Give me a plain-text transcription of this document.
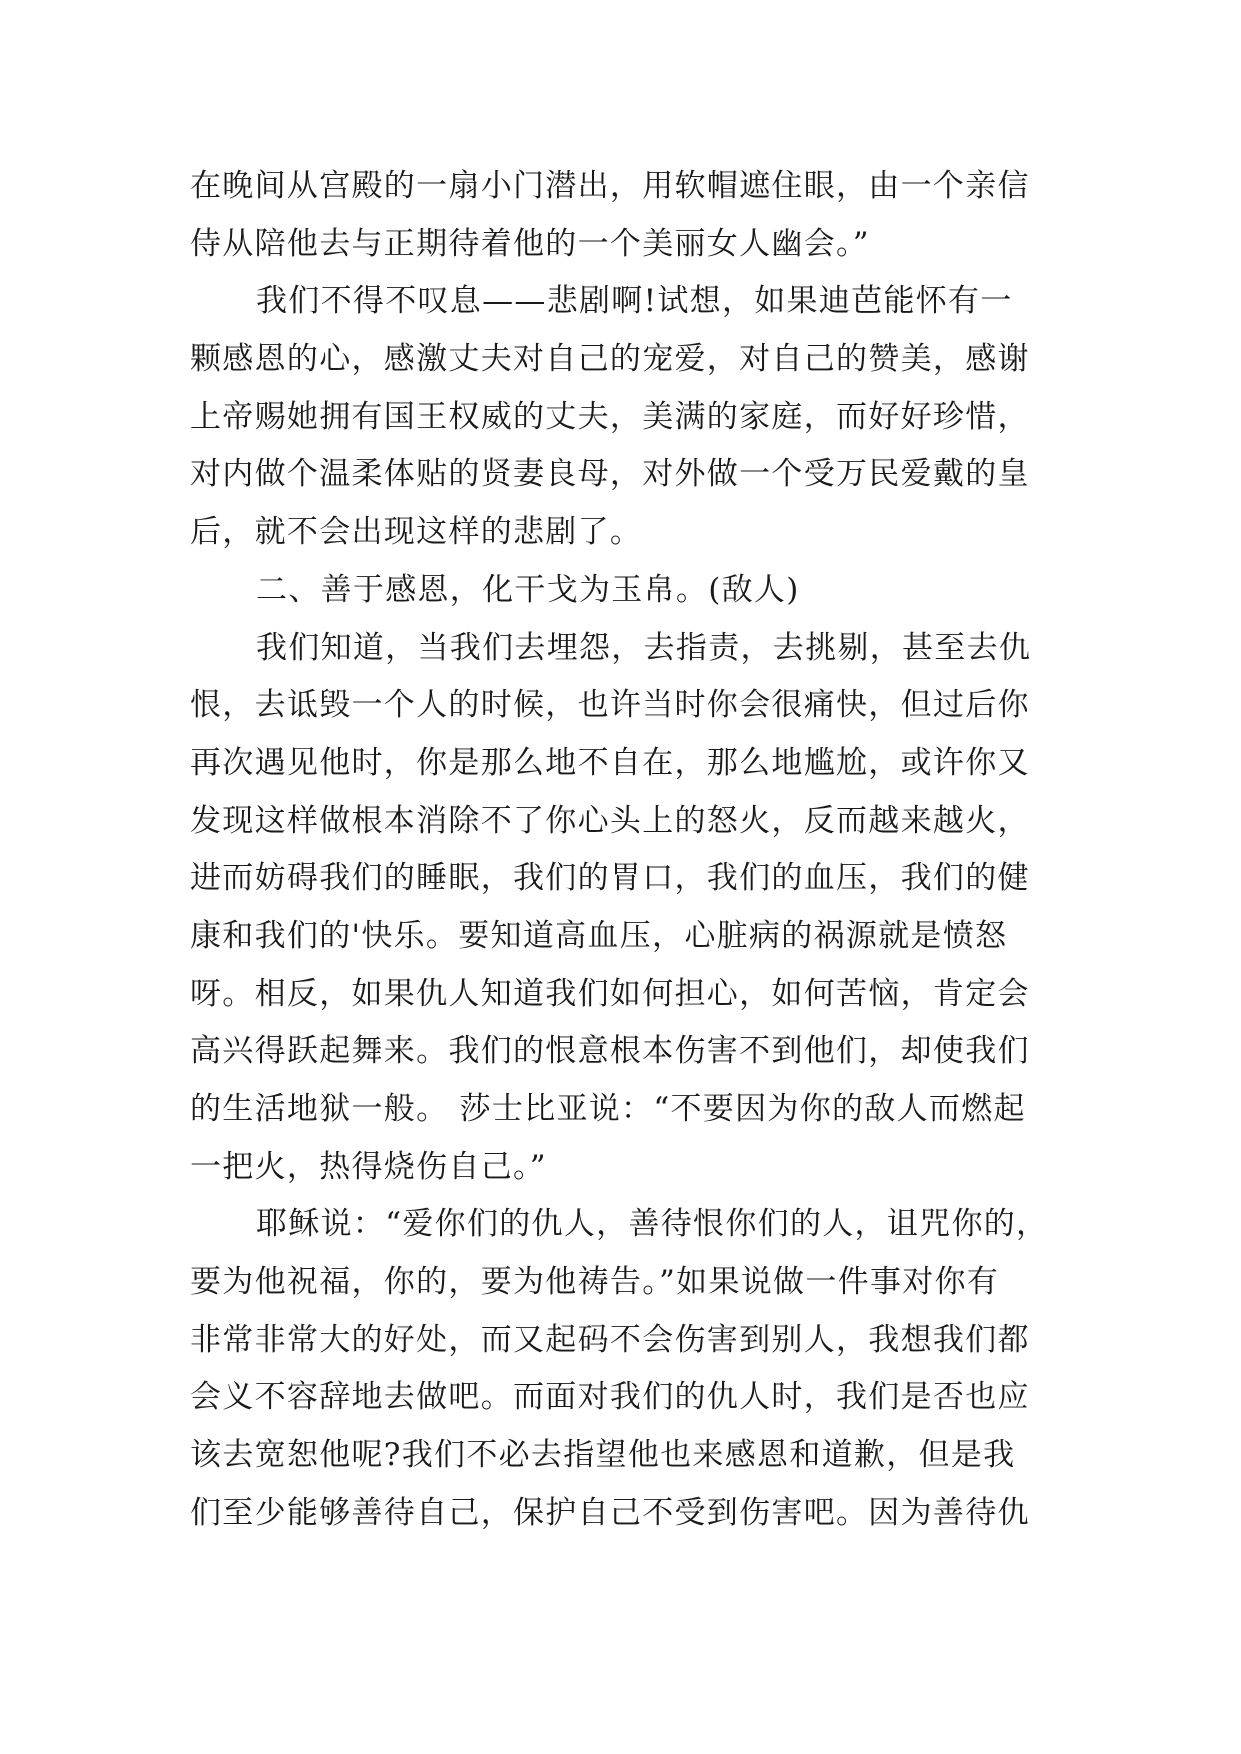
在晚间从宫殿的一扇小门潜出，用软帽遮住眼，由一个亲信
侍从陪他去与正期待着他的一个美丽女人幽会。”
我们不得不叹息——悲剧啊!试想，如果迪芭能怀有一
颗感恩的心，感激丈夫对自己的宠爱，对自己的赞美，感谢
上帝赐她拥有国王权威的丈夫，美满的家庭，而好好珍惜，
对内做个温柔体贴的贤妻良母，对外做一个受万民爱戴的皇
后，就不会出现这样的悲剧了。
二、善于感恩，化干戈为玉帛。(敌人)
我们知道，当我们去埋怨，去指责，去挑剔，甚至去仇
恨，去诋毁一个人的时候，也许当时你会很痛快，但过后你
再次遇见他时，你是那么地不自在，那么地尴尬，或许你又
发现这样做根本消除不了你心头上的怒火，反而越来越火，
进而妨碍我们的睡眠，我们的胃口，我们的血压，我们的健
康和我们的'快乐。要知道高血压，心脏病的祸源就是愤怒
呀。相反，如果仇人知道我们如何担心，如何苦恼，肯定会
高兴得跃起舞来。我们的恨意根本伤害不到他们，却使我们
的生活地狱一般。 莎士比亚说：“不要因为你的敌人而燃起
一把火，热得烧伤自己。”
耶稣说：“爱你们的仇人，善待恨你们的人，诅咒你的，
要为他祝福，你的，要为他祷告。”如果说做一件事对你有
非常非常大的好处，而又起码不会伤害到别人，我想我们都
会义不容辞地去做吧。而面对我们的仇人时，我们是否也应
该去宽恕他呢?我们不必去指望他也来感恩和道歉，但是我
们至少能够善待自己，保护自己不受到伤害吧。因为善待仇
